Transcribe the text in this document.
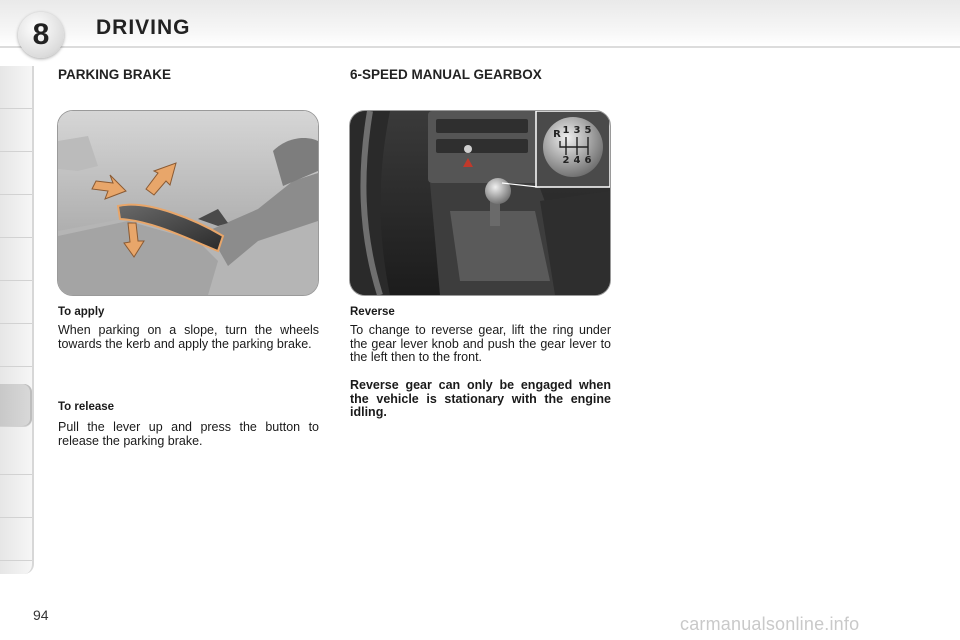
8 DRIVING
PARKING BRAKE
To apply

When parking on a slope, turn the wheels towards the kerb and apply the parking brake.

To release

Pull the lever up and press the button to release the parking brake.

6-SPEED MANUAL GEARBOX
R 1 3 5
2 4 6
Reverse

To change to reverse gear, lift the ring under the gear lever knob and push the gear lever to the left then to the front.

Reverse gear can only be engaged when the vehicle is stationary with the engine idling.

94	carmanualsonline.info
